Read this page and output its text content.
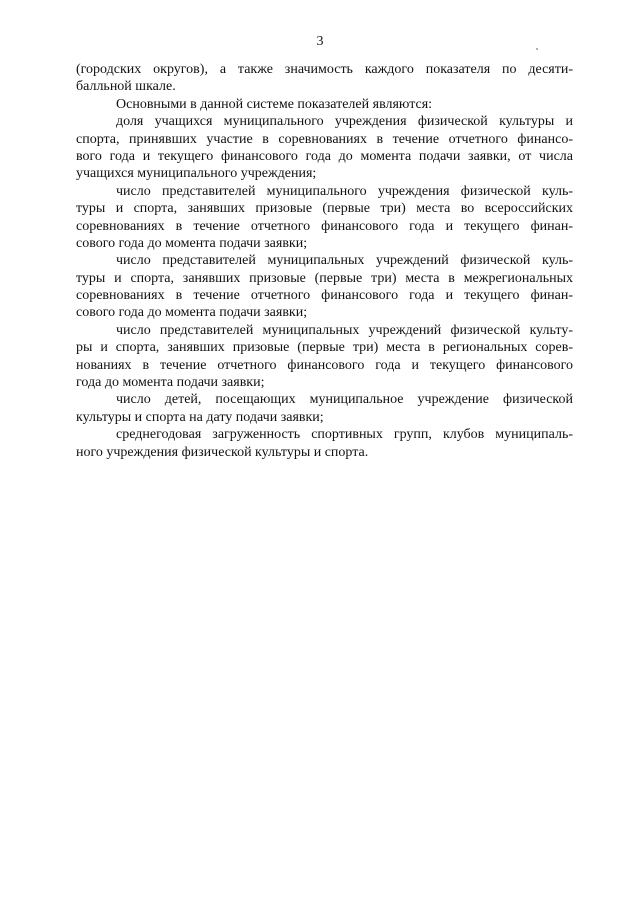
3
(городских округов), а также значимость каждого показателя по десяти-
балльной шкале.
Основными в данной системе показателей являются:
доля учащихся муниципального учреждения физической культуры и
спорта, принявших участие в соревнованиях в течение отчетного финансо-
вого года и текущего финансового года до момента подачи заявки, от числа
учащихся муниципального учреждения;
число представителей муниципального учреждения физической куль-
туры и спорта, занявших призовые (первые три) места во всероссийских
соревнованиях в течение отчетного финансового года и текущего финан-
сового года до момента подачи заявки;
число представителей муниципальных учреждений физической куль-
туры и спорта, занявших призовые (первые три) места в межрегиональных
соревнованиях в течение отчетного финансового года и текущего финан-
сового года до момента подачи заявки;
число представителей муниципальных учреждений физической культу-
ры и спорта, занявших призовые (первые три) места в региональных сорев-
нованиях в течение отчетного финансового года и текущего финансового
года до момента подачи заявки;
число детей, посещающих муниципальное учреждение физической
культуры и спорта на дату подачи заявки;
среднегодовая загруженность спортивных групп, клубов муниципаль-
ного учреждения физической культуры и спорта.
